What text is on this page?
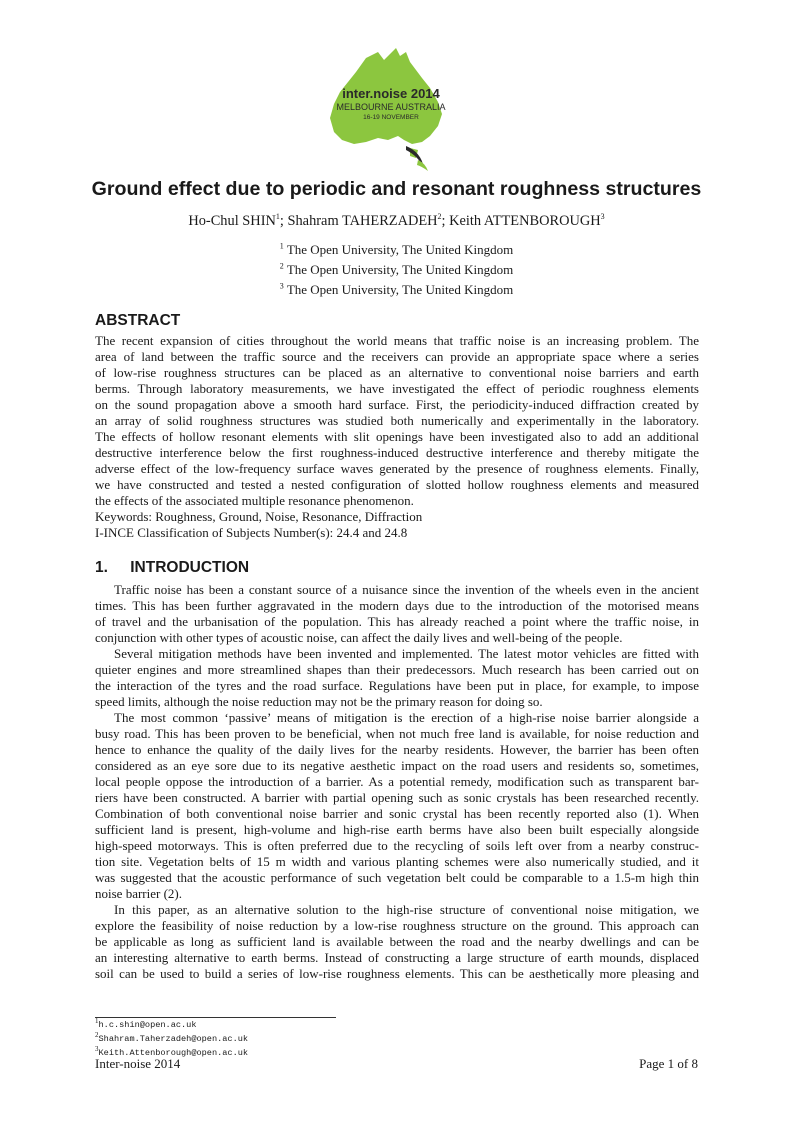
inter.noise 2014
MELBOURNE AUSTRALIA
16-19 NOVEMBER
Ground effect due to periodic and resonant roughness structures
Ho-Chul SHIN$^1$; Shahram TAHERZADEH$^2$; Keith ATTENBOROUGH$^3$
$^1$ The Open University, The United Kingdom
$^2$ The Open University, The United Kingdom
$^3$ The Open University, The United Kingdom
ABSTRACT

The recent expansion of cities throughout the world means that traffic noise is an increasing problem. The

area of land between the traffic source and the receivers can provide an appropriate space where a series

of low-rise roughness structures can be placed as an alternative to conventional noise barriers and earth

berms. Through laboratory measurements, we have investigated the effect of periodic roughness elements

on the sound propagation above a smooth hard surface. First, the periodicity-induced diffraction created by

an array of solid roughness structures was studied both numerically and experimentally in the laboratory.

The effects of hollow resonant elements with slit openings have been investigated also to add an additional

destructive interference below the first roughness-induced destructive interference and thereby mitigate the

adverse effect of the low-frequency surface waves generated by the presence of roughness elements. Finally,

we have constructed and tested a nested configuration of slotted hollow roughness elements and measured

the effects of the associated multiple resonance phenomenon.

Keywords: Roughness, Ground, Noise, Resonance, Diffraction

I-INCE Classification of Subjects Number(s): 24.4 and 24.8

1. INTRODUCTION

Traffic noise has been a constant source of a nuisance since the invention of the wheels even in the ancient

times. This has been further aggravated in the modern days due to the introduction of the motorised means

of travel and the urbanisation of the population. This has already reached a point where the traffic noise, in

conjunction with other types of acoustic noise, can affect the daily lives and well-being of the people.

Several mitigation methods have been invented and implemented. The latest motor vehicles are fitted with

quieter engines and more streamlined shapes than their predecessors. Much research has been carried out on

the interaction of the tyres and the road surface. Regulations have been put in place, for example, to impose

speed limits, although the noise reduction may not be the primary reason for doing so.

The most common ‘passive’ means of mitigation is the erection of a high-rise noise barrier alongside a

busy road. This has been proven to be beneficial, when not much free land is available, for noise reduction and

hence to enhance the quality of the daily lives for the nearby residents. However, the barrier has been often

considered as an eye sore due to its negative aesthetic impact on the road users and residents so, sometimes,

local people oppose the introduction of a barrier. As a potential remedy, modification such as transparent bar-

riers have been constructed. A barrier with partial opening such as sonic crystals has been researched recently.

Combination of both conventional noise barrier and sonic crystal has been recently reported also (1). When

sufficient land is present, high-volume and high-rise earth berms have also been built especially alongside

high-speed motorways. This is often preferred due to the recycling of soils left over from a nearby construc-

tion site. Vegetation belts of 15 m width and various planting schemes were also numerically studied, and it

was suggested that the acoustic performance of such vegetation belt could be comparable to a 1.5-m high thin

noise barrier (2).

In this paper, as an alternative solution to the high-rise structure of conventional noise mitigation, we

explore the feasibility of noise reduction by a low-rise roughness structure on the ground. This approach can

be applicable as long as sufficient land is available between the road and the nearby dwellings and can be

an interesting alternative to earth berms. Instead of constructing a large structure of earth mounds, displaced

soil can be used to build a series of low-rise roughness elements. This can be aesthetically more pleasing and

$^1$h.c.shin@open.ac.uk
$^2$Shahram.Taherzadeh@open.ac.uk
$^3$Keith.Attenborough@open.ac.uk
Inter-noise 2014	Page 1 of 8
